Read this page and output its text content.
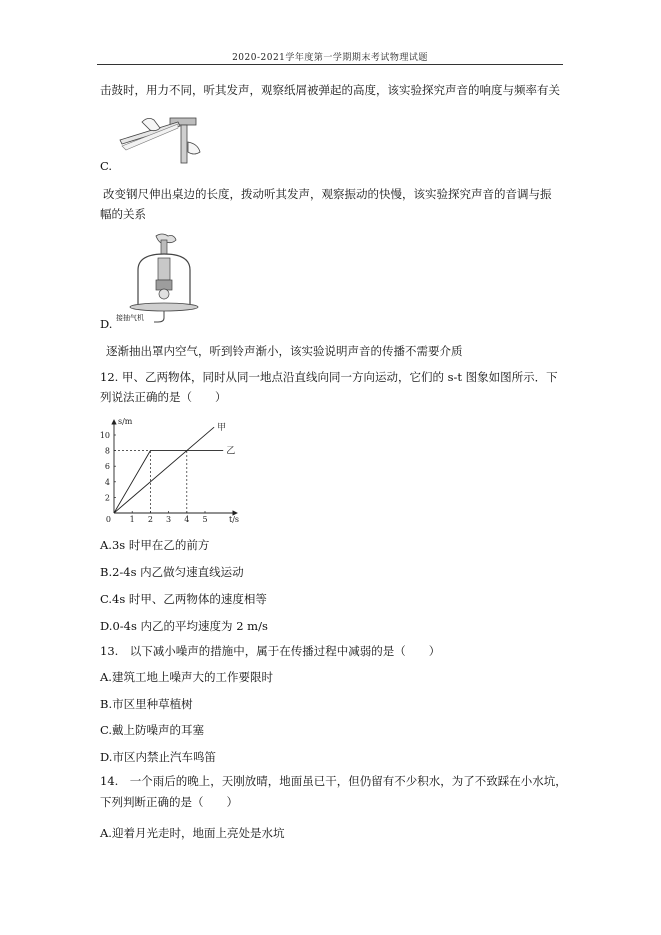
2020-2021学年度第一学期期末考试物理试题
击鼓时，用力不同，听其发声，观察纸屑被弹起的高度，该实验探究声音的响度与频率有关
C.
改变钢尺伸出桌边的长度，拨动听其发声，观察振动的快慢，该实验探究声音的音调与振
幅的关系
接抽气机
D.
逐渐抽出罩内空气，听到铃声渐小，该实验说明声音的传播不需要介质
12. 甲、乙两物体，同时从同一地点沿直线向同一方向运动，它们的 s-t 图象如图所示．下
列说法正确的是（　　）
s/m
t/s
0 1 2 3 4 5
2
4
6
8
10
甲
乙
A.3s 时甲在乙的前方
B.2-4s 内乙做匀速直线运动
C.4s 时甲、乙两物体的速度相等
D.0-4s 内乙的平均速度为 2 m/s
13.　以下减小噪声的措施中，属于在传播过程中减弱的是（　　）
A.建筑工地上噪声大的工作要限时
B.市区里种草植树
C.戴上防噪声的耳塞
D.市区内禁止汽车鸣笛
14.　一个雨后的晚上，天刚放晴，地面虽已干，但仍留有不少积水，为了不致踩在小水坑，
下列判断正确的是（　　）
A.迎着月光走时，地面上亮处是水坑
